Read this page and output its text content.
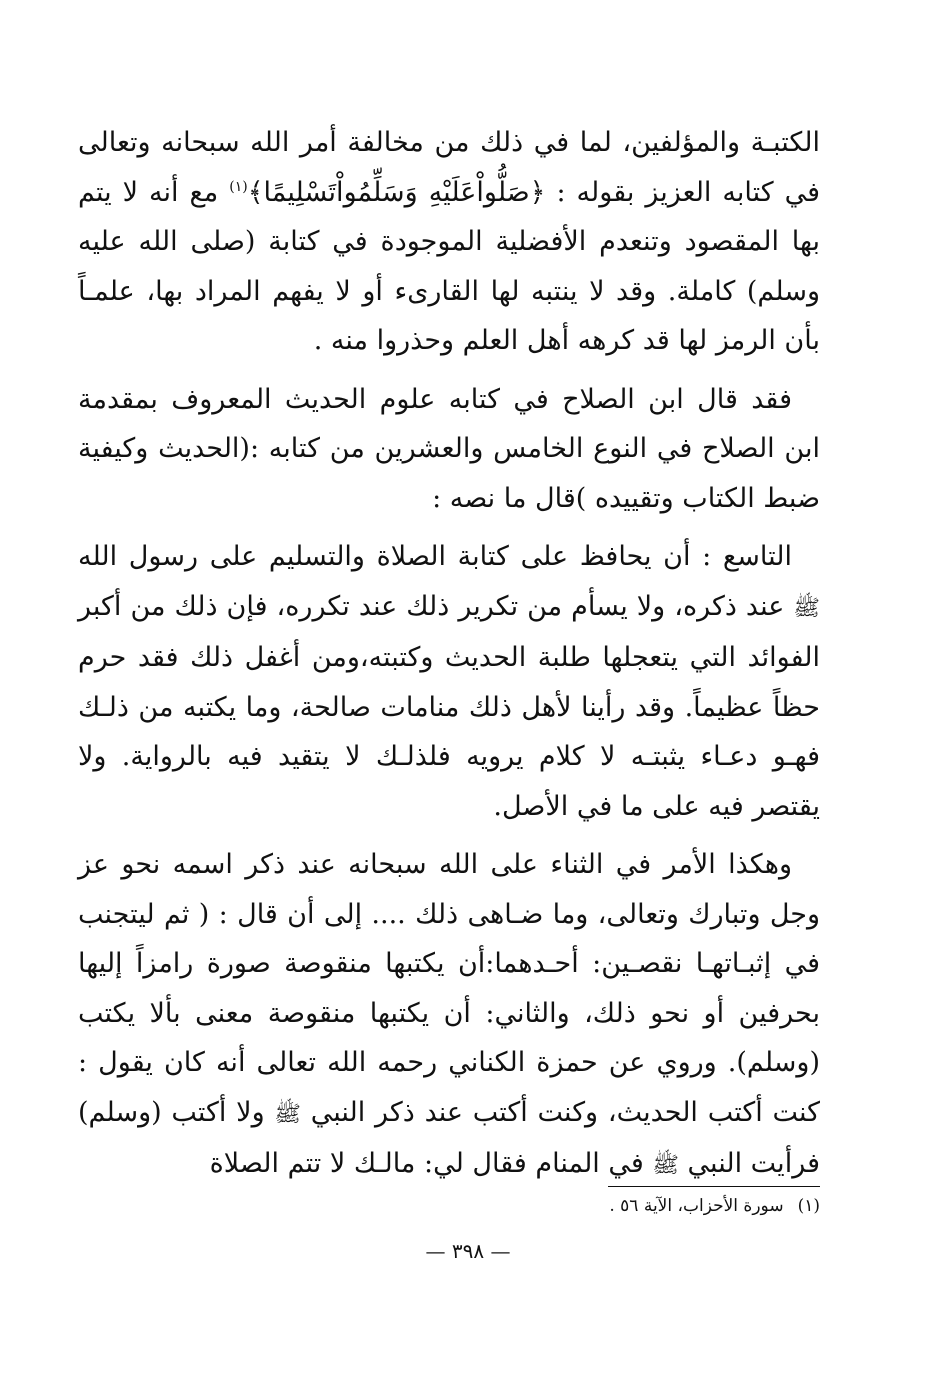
الكتبـة والمؤلفين، لما في ذلك من مخالفة أمر الله سبحانه وتعالى في كتابه العزيز بقوله : ﴿صَلُّواْعَلَيْهِ وَسَلِّمُواْتَسْلِيمًا﴾$^{(١)}$ مع أنه لا يتم بها المقصود وتنعدم الأفضلية الموجودة في كتابة (صلى الله عليه وسلم) كاملة. وقد لا ينتبه لها القارىء أو لا يفهم المراد بها، علمـاً بأن الرمز لها قد كرهه أهل العلم وحذروا منه .

فقد قال ابن الصلاح في كتابه علوم الحديث المعروف بمقدمة ابن الصلاح في النوع الخامس والعشرين من كتابه :(الحديث وكيفية ضبط الكتاب وتقييده )قال ما نصه :

التاسع : أن يحافظ على كتابة الصلاة والتسليم على رسول الله ﷺ عند ذكره، ولا يسأم من تكرير ذلك عند تكرره، فإن ذلك من أكبر الفوائد التي يتعجلها طلبة الحديث وكتبته،ومن أغفل ذلك فقد حرم حظاً عظيماً. وقد رأينا لأهل ذلك منامات صالحة، وما يكتبه من ذلـك فهـو دعـاء يثبتـه لا كلام يرويه فلذلـك لا يتقيد فيه بالرواية. ولا يقتصر فيه على ما في الأصل.

وهكذا الأمر في الثناء على الله سبحانه عند ذكر اسمه نحو عز وجل وتبارك وتعالى، وما ضـاهى ذلك .... إلى أن قال : ( ثم ليتجنب في إثبـاتهـا نقصـين: أحـدهما:أن يكتبها منقوصة صورة رامزاً إليها بحرفين أو نحو ذلك، والثاني: أن يكتبها منقوصة معنى بألا يكتب (وسلم). وروي عن حمزة الكناني رحمه الله تعالى أنه كان يقول : كنت أكتب الحديث، وكنت أكتب عند ذكر النبي ﷺ ولا أكتب (وسلم) فرأيت النبي ﷺ في المنام فقال لي: مالـك لا تتم الصلاة

(١)سورة الأحزاب، الآية ٥٦ .
— ٣٩٨ —
